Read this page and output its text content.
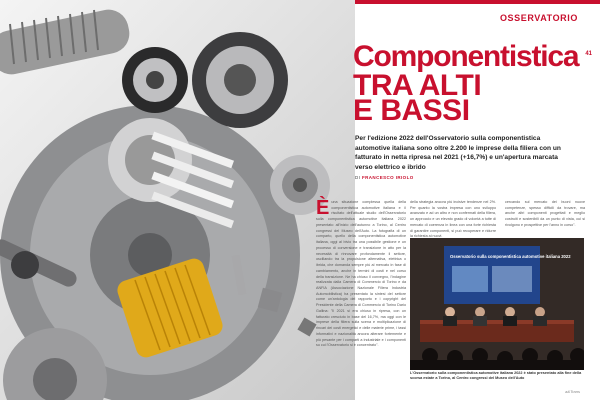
OSSERVATORIO
41
Componentistica
TRA ALTI
E BASSI
Per l'edizione 2022 dell'Osservatorio sulla componentistica automotive italiana sono oltre 2.200 le imprese della filiera con un fatturato in netta ripresa nel 2021 (+16,7%) e un'apertura marcata verso elettrico e ibrido
DI FRANCESCO IRIOLO
È una situazione complessa quella della componentistica automotive italiana e il risultato dell'attuale studio dell'Osservatorio sulla componentistica automotive italiana 2022 presentato all'inizio dell'autunno a Torino, al Centro congressi del Museo dell'Auto. La fotografia di un comparto, quello della componentistica automotive italiana, oggi al bivio tra una possibile gestione e un processo di conversione e transizione in atto per la necessità di rinnovare profondamente il settore, oscillando tra la propulsione alternativa, elettrica o ibrida, che domanda sempre più al mercato in fase di cambiamento, anche in termini di costi e nel corso della transizione. Ne ha chiuso il convegno, l'indagine realizzata dalla Camera di Commercio di Torino e da ANFIA (Associazione Nazionale Filiera Industria Automobilistica) ha presentato la sintesi del settore come un'antologia del rapporto e i copyright del Presidente della Camera di Commercio di Torino Dario Gallina: "Il 2021 si era chiuso in ripresa, con un fatturato cresciuto in base del 16,7%, ma oggi con le imprese della filiera sulla scena e moltiplicazione di rincari dei costi energetici e delle materie prime, i tassi informativi e nazionalità ancora alterare fortemente e più pesante per i comparti a industriale e i componenti su cui l'Osservatorio si è concentrato".
della strategia ancora più incisive tendenze nel 2%. Per quanto la vostra impresa con uno sviluppo avanzato e ad un altro e non confermati della filiera, un approccio e un elevato grado di volontà a tutte di mercato di coerenza in linea con una forte richiesta di garantire componenti, si può recuperare e ridurre la richiesta ai nuovi.
cercando sul mercato dei buoni nuove competenze, spesso difficili da trovare, ma anche altri componenti progettati e meglio costruiti e sostenibili da un punto di vista, cui si rivolgono e prospettive per l'anno in corso".
Osservatorio sulla componentistica automotive italiana 2022
L'Osservatorio sulla componentistica automotive italiana 2022 è stato presentato alla fine della scorsa estate a Torino, al Centro congressi del Museo dell'Auto
a&Trans
